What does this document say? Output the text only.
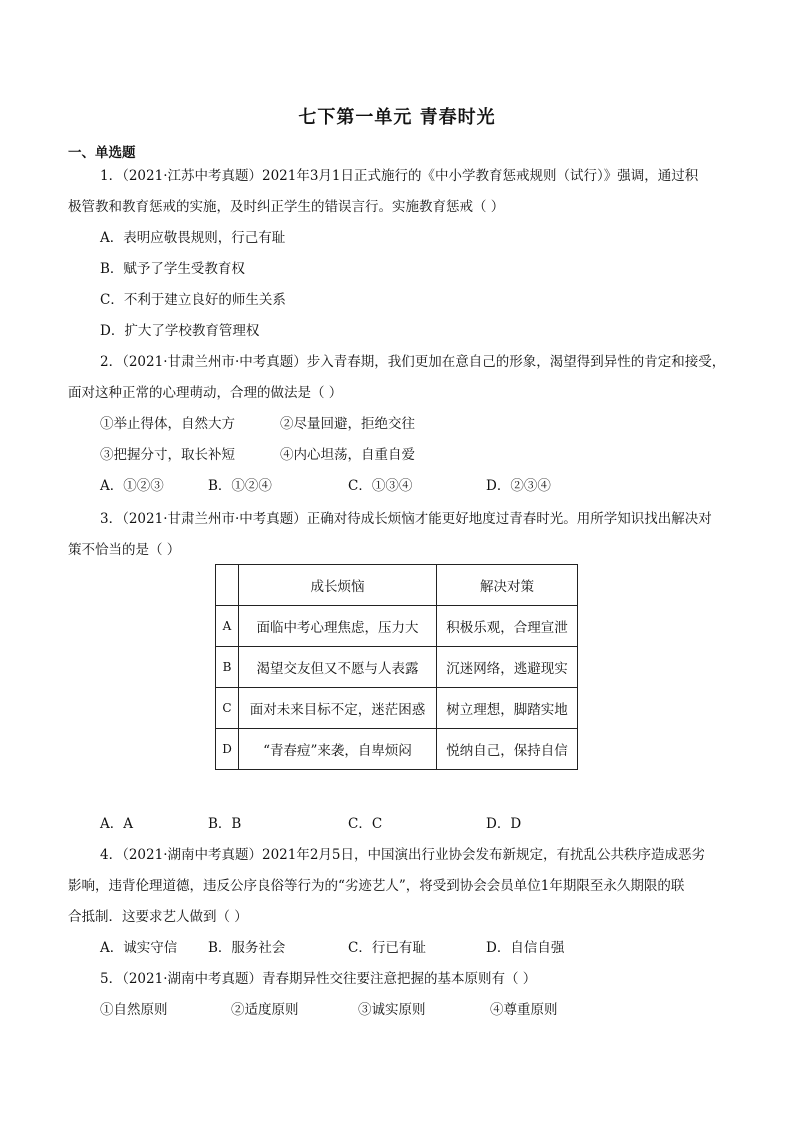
七下第一单元 青春时光
一、单选题
1．（2021·江苏中考真题）2021年3月1日正式施行的《中小学教育惩戒规则（试行）》强调，通过积
极管教和教育惩戒的实施，及时纠正学生的错误言行。实施教育惩戒（ ）
A．表明应敬畏规则，行己有耻
B．赋予了学生受教育权
C．不利于建立良好的师生关系
D．扩大了学校教育管理权
2．（2021·甘肃兰州市·中考真题）步入青春期，我们更加在意自己的形象，渴望得到异性的肯定和接受，
面对这种正常的心理萌动，合理的做法是（ ）
①举止得体，自然大方	②尽量回避，拒绝交往
③把握分寸，取长补短	④内心坦荡，自重自爱
A．①②③	B．①②④	C．①③④	D．②③④
3．（2021·甘肃兰州市·中考真题）正确对待成长烦恼才能更好地度过青春时光。用所学知识找出解决对
策不恰当的是（ ）
	成长烦恼	解决对策
A	面临中考心理焦虑，压力大	积极乐观，合理宣泄
B	渴望交友但又不愿与人表露	沉迷网络，逃避现实
C	面对未来目标不定，迷茫困惑	树立理想，脚踏实地
D	“青春痘”来袭，自卑烦闷	悦纳自己，保持自信
A．A	B．B	C．C	D．D
4．（2021·湖南中考真题）2021年2月5日，中国演出行业协会发布新规定，有扰乱公共秩序造成恶劣
影响，违背伦理道德，违反公序良俗等行为的“劣迹艺人”，将受到协会会员单位1年期限至永久期限的联
合抵制．这要求艺人做到（ ）
A．诚实守信 B．服务社会	C．行已有耻	D．自信自强
5．（2021·湖南中考真题）青春期异性交往要注意把握的基本原则有（ ）
①自然原则	②适度原则	③诚实原则	④尊重原则
